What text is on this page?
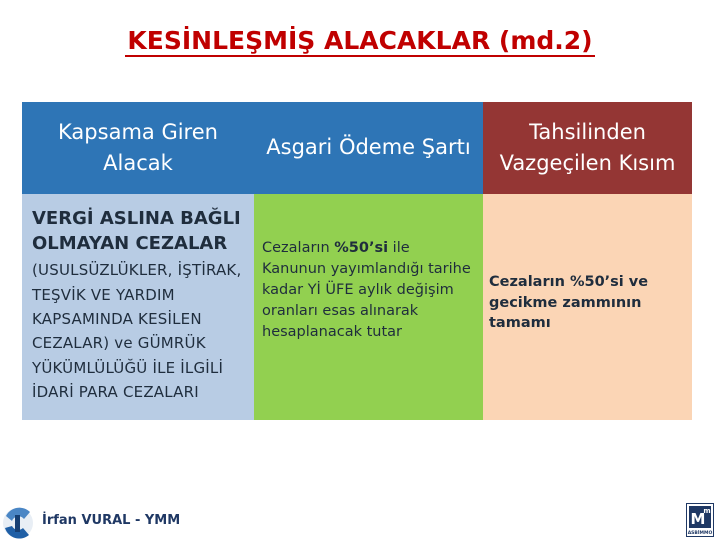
KESİNLEŞMİŞ ALACAKLAR (md.2)
Kapsama Giren Alacak
Asgari Ödeme Şartı
Tahsilinden Vazgeçilen Kısım
VERGİ ASLINA BAĞLI OLMAYAN CEZALAR
(USULSÜZLÜKLER, İŞTİRAK, TEŞVİK VE YARDIM KAPSAMINDA KESİLEN CEZALAR) ve GÜMRÜK YÜKÜMLÜLÜĞÜ İLE İLGİLİ İDARİ PARA CEZALARI
Cezaların %50’si ile Kanunun yayımlandığı tarihe kadar Yİ ÜFE aylık değişim oranları esas alınarak hesaplanacak tutar
Cezaların %50’si ve gecikme zammının tamamı
İrfan VURAL - YMM	M
m
ASBİMMO
